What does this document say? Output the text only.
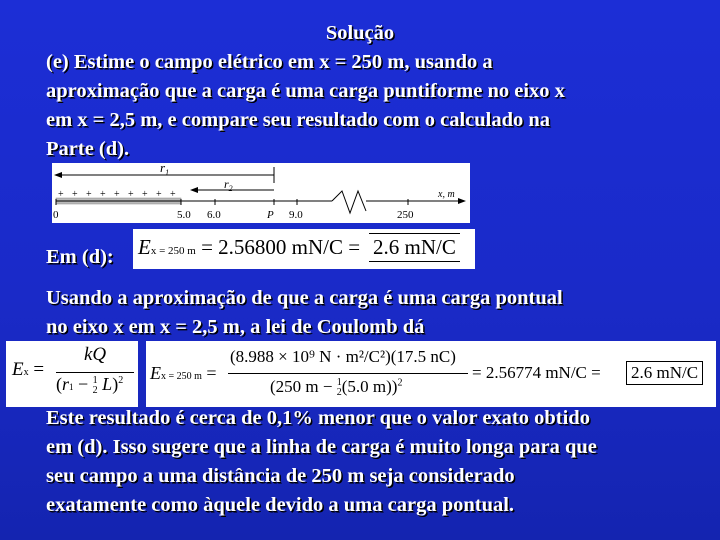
Solução
(e) Estime o campo elétrico em x = 250 m, usando a
aproximação que a carga é uma carga puntiforme no eixo x
em x = 2,5 m, e compare seu resultado com o calculado na
Parte (d).
$r_1$
$r_2$
+ + + + + + + + +	x, m
0	5.0 6.0	P 9.0	250
Em (d): Ex = 250 m = 2.56800 mN/C = 2.6 mN/C
Usando a aproximação de que a carga é uma carga pontual
no eixo x em x = 2,5 m, a lei de Coulomb dá
Ex =
kQ
(r1 − 1
2 L)$^2$ Ex = 250 m =
(8.988 × 10⁹ N · m²/C²)(17.5 nC)
(250 m − 1
2(5.0 m))$^2$
= 2.56774 mN/C = 2.6 mN/C
Este resultado é cerca de 0,1% menor que o valor exato obtido
em (d). Isso sugere que a linha de carga é muito longa para que
seu campo a uma distância de 250 m seja considerado
exatamente como àquele devido a uma carga pontual.
